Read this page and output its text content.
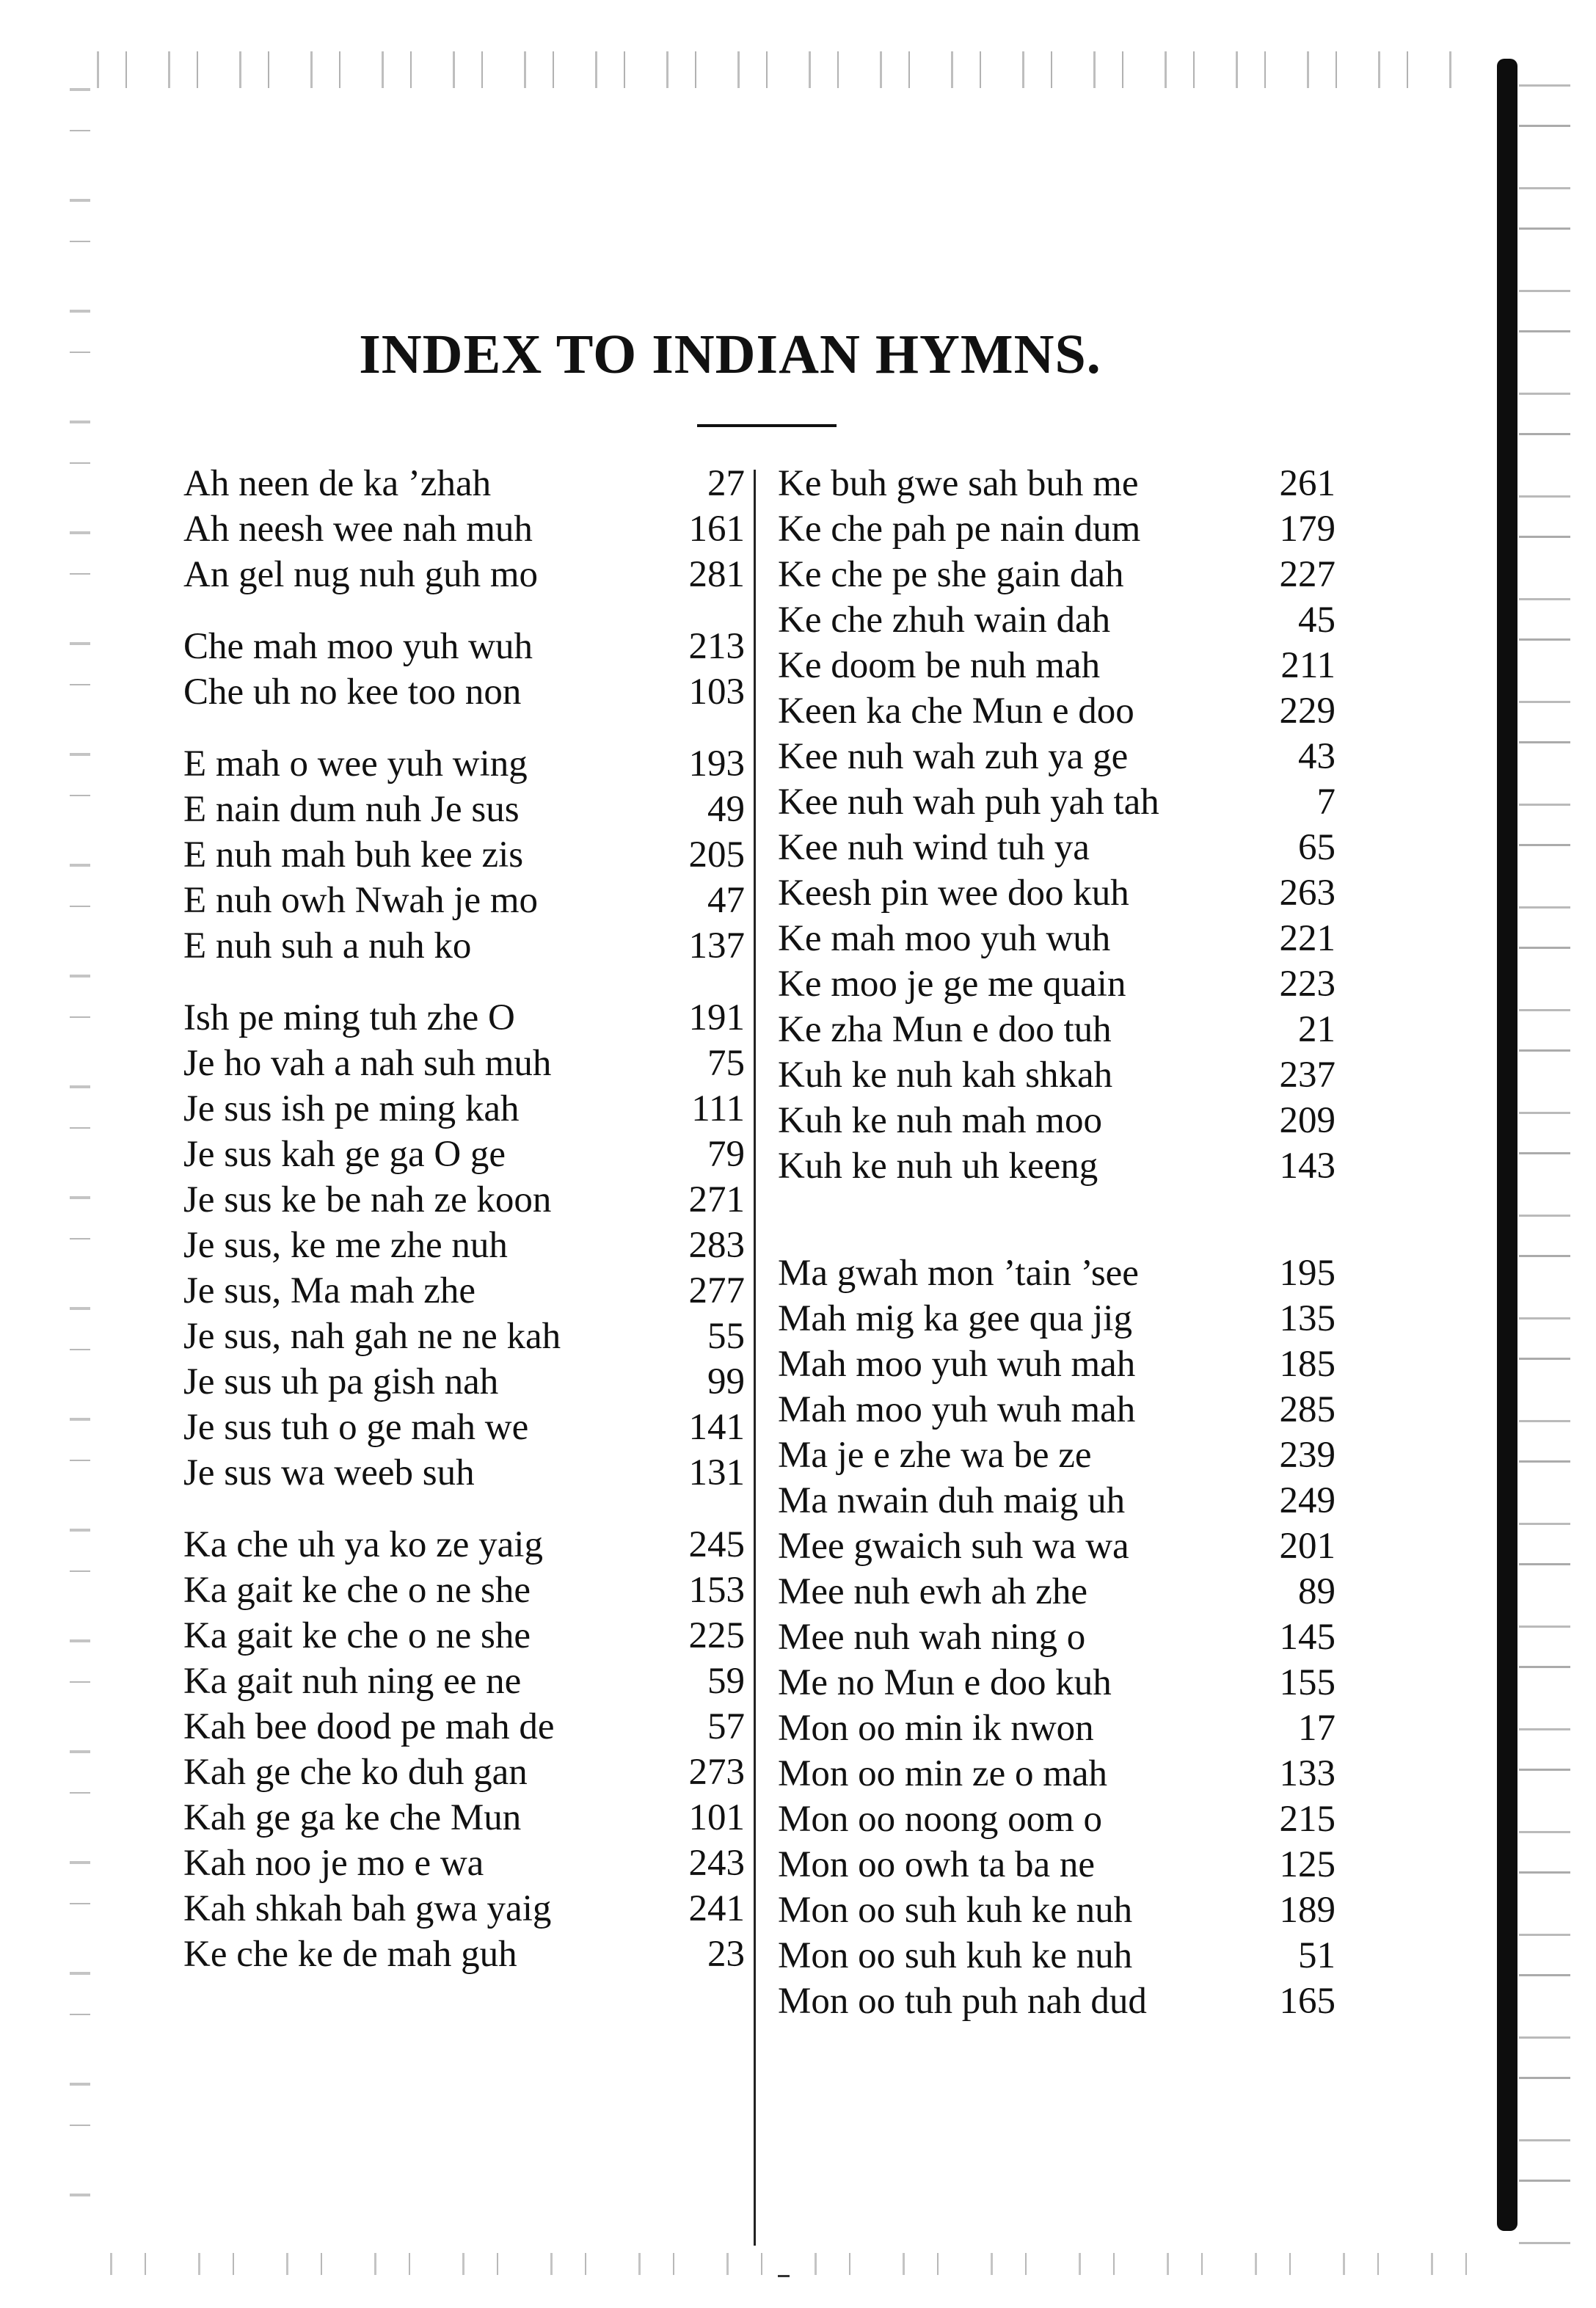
INDEX TO INDIAN HYMNS.
Ah neen de ka ’zhah	27
Ah neesh wee nah muh	161
An gel nug nuh guh mo	281
Che mah moo yuh wuh	213
Che uh no kee too non	103
E mah o wee yuh wing	193
E nain dum nuh Je sus	49
E nuh mah buh kee zis	205
E nuh owh Nwah je mo	47
E nuh suh a nuh ko	137
Ish pe ming tuh zhe O	191
Je ho vah a nah suh muh	75
Je sus ish pe ming kah	111
Je sus kah ge ga O ge	79
Je sus ke be nah ze koon	271
Je sus, ke me zhe nuh	283
Je sus, Ma mah zhe	277
Je sus, nah gah ne ne kah	55
Je sus uh pa gish nah	99
Je sus tuh o ge mah we	141
Je sus wa weeb suh	131
Ka che uh ya ko ze yaig	245
Ka gait ke che o ne she	153
Ka gait ke che o ne she	225
Ka gait nuh ning ee ne	59
Kah bee dood pe mah de	57
Kah ge che ko duh gan	273
Kah ge ga ke che Mun	101
Kah noo je mo e wa	243
Kah shkah bah gwa yaig	241
Ke che ke de mah guh	23
Ke buh gwe sah buh me	261
Ke che pah pe nain dum	179
Ke che pe she gain dah	227
Ke che zhuh wain dah	45
Ke doom be nuh mah	211
Keen ka che Mun e doo	229
Kee nuh wah zuh ya ge	43
Kee nuh wah puh yah tah	7
Kee nuh wind tuh ya	65
Keesh pin wee doo kuh	263
Ke mah moo yuh wuh	221
Ke moo je ge me quain	223
Ke zha Mun e doo tuh	21
Kuh ke nuh kah shkah	237
Kuh ke nuh mah moo	209
Kuh ke nuh uh keeng	143
Ma gwah mon ’tain ’see	195
Mah mig ka gee qua jig	135
Mah moo yuh wuh mah	185
Mah moo yuh wuh mah	285
Ma je e zhe wa be ze	239
Ma nwain duh maig uh	249
Mee gwaich suh wa wa	201
Mee nuh ewh ah zhe	89
Mee nuh wah ning o	145
Me no Mun e doo kuh	155
Mon oo min ik nwon	17
Mon oo min ze o mah	133
Mon oo noong oom o	215
Mon oo owh ta ba ne	125
Mon oo suh kuh ke nuh	189
Mon oo suh kuh ke nuh	51
Mon oo tuh puh nah dud	165
